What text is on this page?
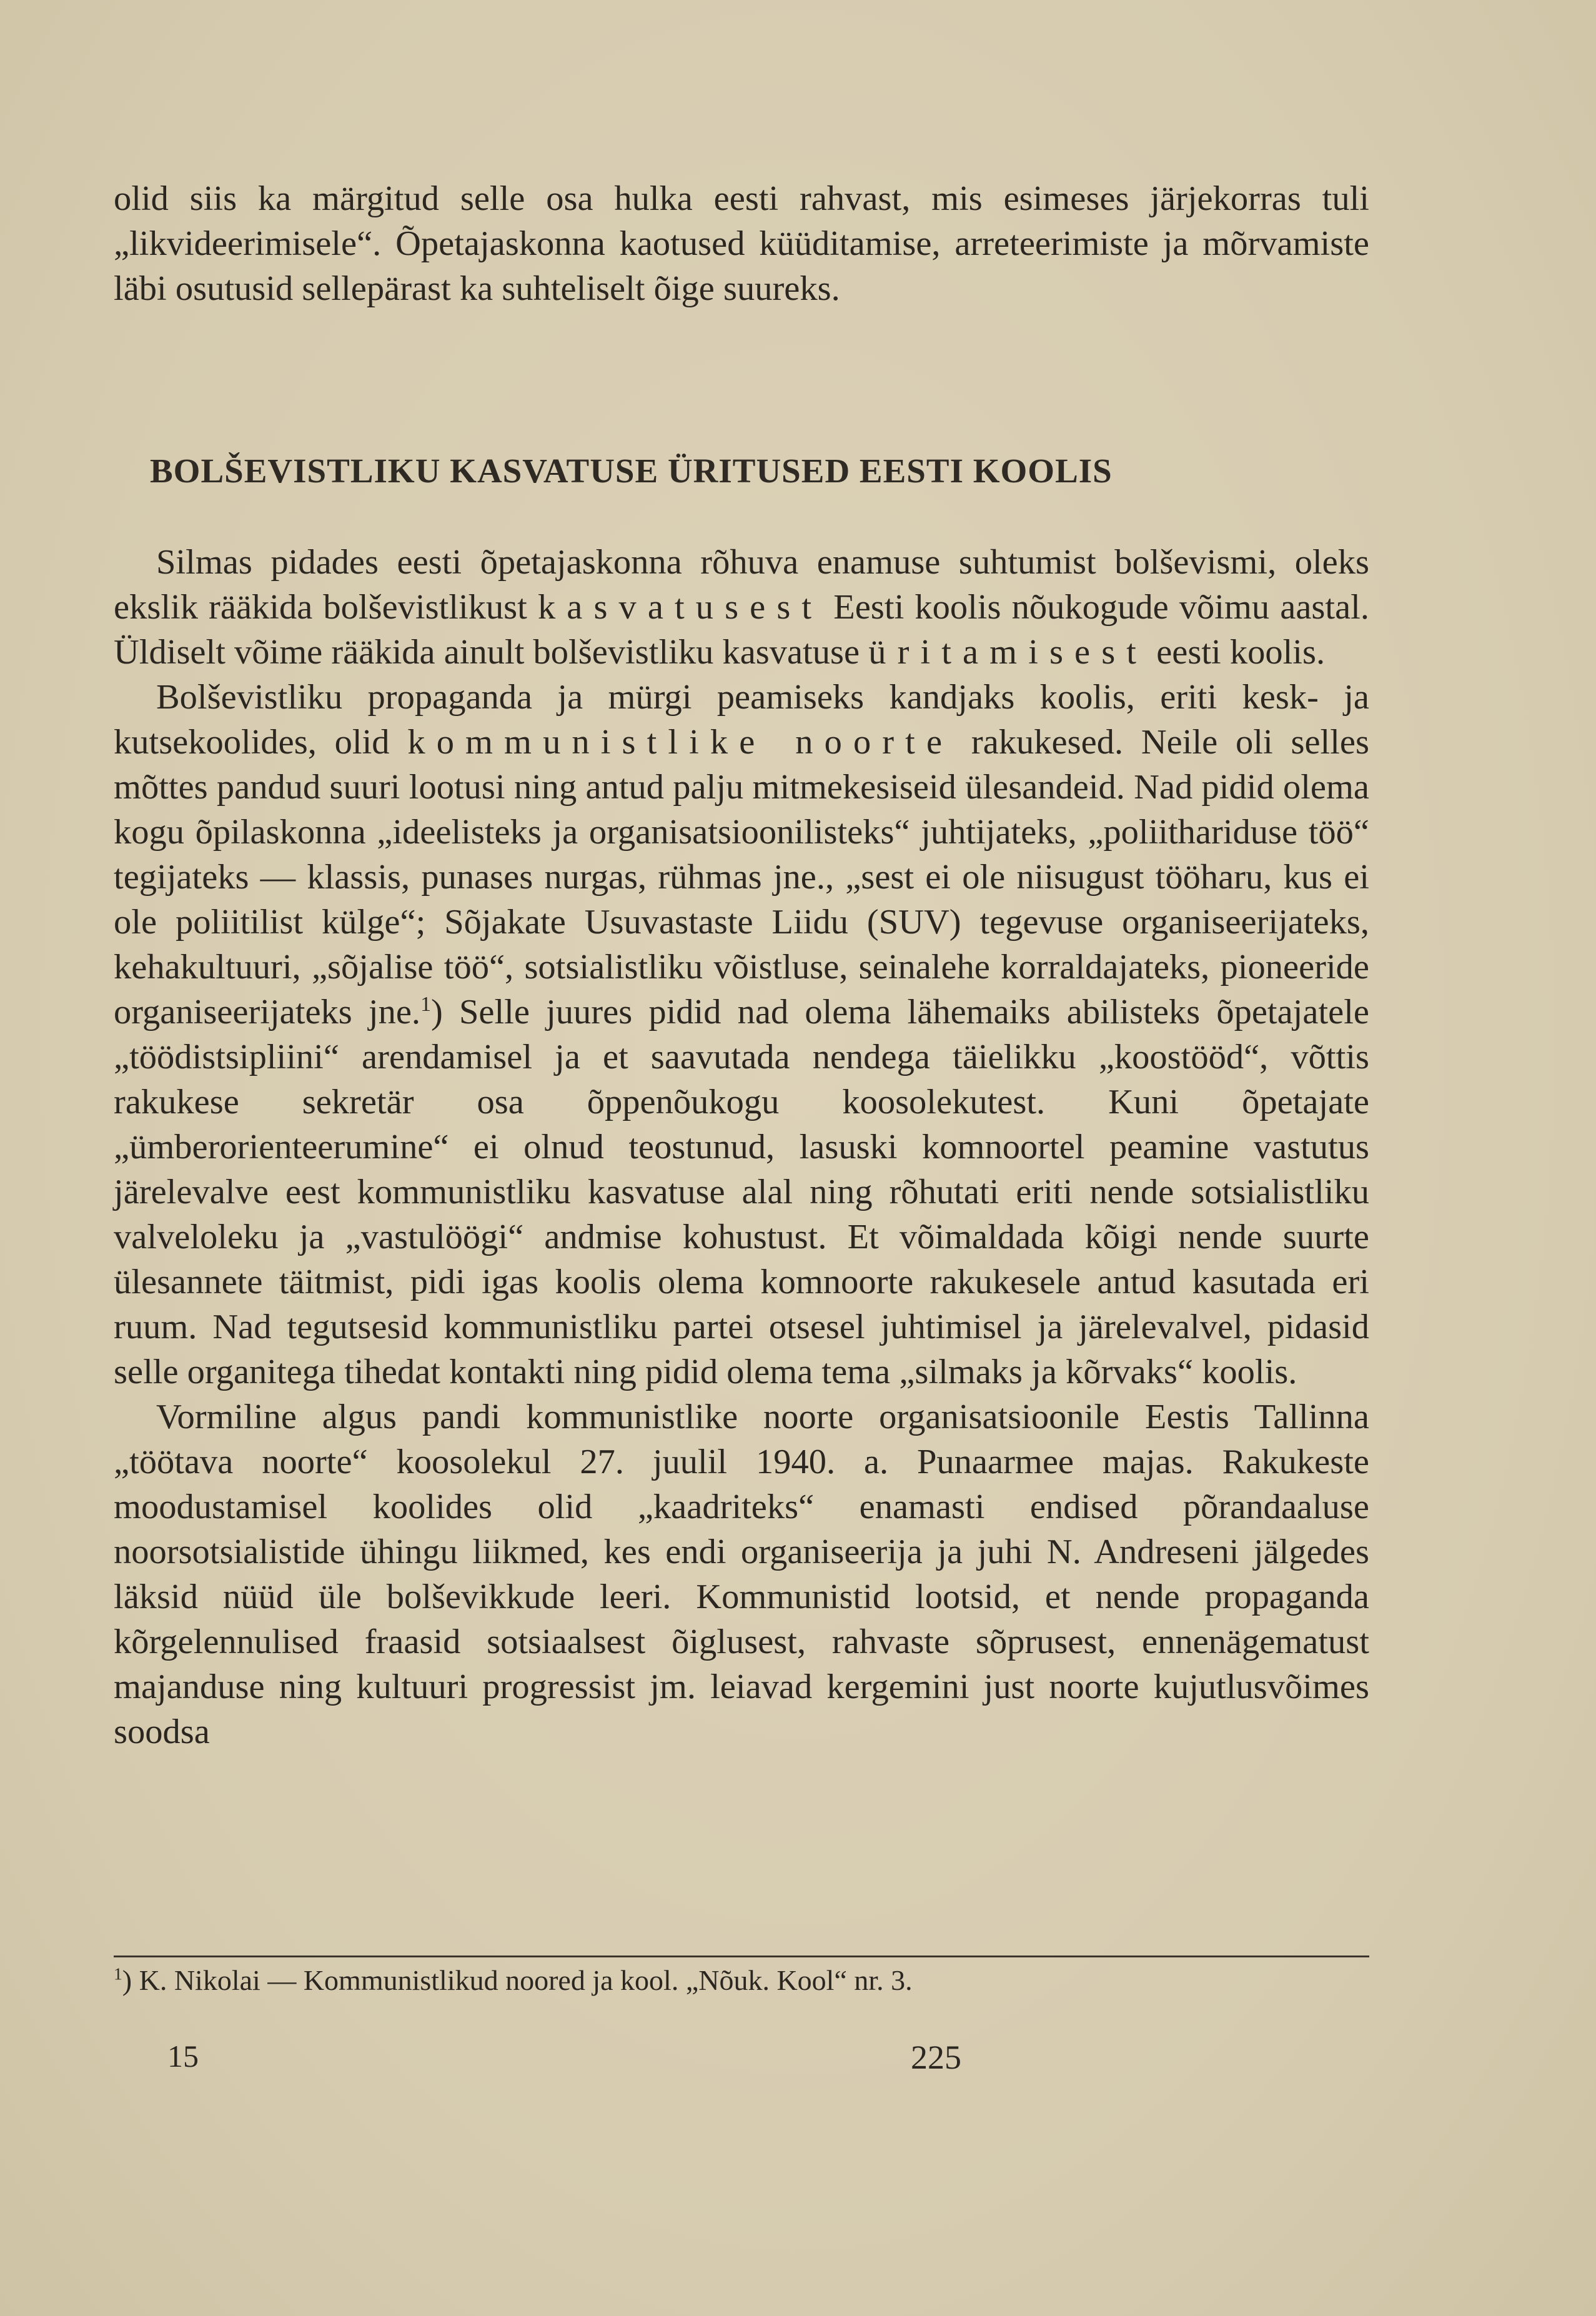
olid siis ka märgitud selle osa hulka eesti rahvast, mis esimeses järjekorras tuli „likvideerimisele“. Õpetajaskonna kaotused küüditamise, arreteerimiste ja mõrvamiste läbi osutusid sellepärast ka suhteliselt õige suureks.

BOLŠEVISTLIKU KASVATUSE ÜRITUSED EESTI KOOLIS

Silmas pidades eesti õpetajaskonna rõhuva enamuse suhtumist bolševismi, oleks ekslik rääkida bolševistlikust kasvatusest Eesti koolis nõukogude võimu aastal. Üldiselt võime rääkida ainult bolševistliku kasvatuse üritamisest eesti koolis.

Bolševistliku propaganda ja mürgi peamiseks kandjaks koolis, eriti kesk- ja kutsekoolides, olid kommunistlike noorte rakukesed. Neile oli selles mõttes pandud suuri lootusi ning antud palju mitmekesiseid ülesandeid. Nad pidid olema kogu õpilaskonna „ideelisteks ja organisatsioonilisteks“ juhtijateks, „poliithariduse töö“ tegijateks — klassis, punases nurgas, rühmas jne., „sest ei ole niisugust tööharu, kus ei ole poliitilist külge“; Sõjakate Usuvastaste Liidu (SUV) tegevuse organiseerijateks, kehakultuuri, „sõjalise töö“, sotsialistliku võistluse, seinalehe korraldajateks, pioneeride organiseerijateks jne.$^1$) Selle juures pidid nad olema lähemaiks abilisteks õpetajatele „töödistsipliini“ arendamisel ja et saavutada nendega täielikku „koostööd“, võttis rakukese sekretär osa õppenõukogu koosolekutest. Kuni õpetajate „ümberorienteerumine“ ei olnud teostunud, lasuski komnoortel peamine vastutus järelevalve eest kommunistliku kasvatuse alal ning rõhutati eriti nende sotsialistliku valveloleku ja „vastulöögi“ andmise kohustust. Et võimaldada kõigi nende suurte ülesannete täitmist, pidi igas koolis olema komnoorte rakukesele antud kasutada eri ruum. Nad tegutsesid kommunistliku partei otsesel juhtimisel ja järelevalvel, pidasid selle organitega tihedat kontakti ning pidid olema tema „silmaks ja kõrvaks“ koolis.

Vormiline algus pandi kommunistlike noorte organisatsioonile Eestis Tallinna „töötava noorte“ koosolekul 27. juulil 1940. a. Punaarmee majas. Rakukeste moodustamisel koolides olid „kaadriteks“ enamasti endised põrandaaluse noorsotsialistide ühingu liikmed, kes endi organiseerija ja juhi N. Andreseni jälgedes läksid nüüd üle bolševikkude leeri. Kommunistid lootsid, et nende propaganda kõrgelennulised fraasid sotsiaalsest õiglusest, rahvaste sõprusest, ennenägematust majanduse ning kultuuri progressist jm. leiavad kergemini just noorte kujutlusvõimes soodsa

$^1$) K. Nikolai — Kommunistlikud noored ja kool. „Nõuk. Kool“ nr. 3.

15	225
